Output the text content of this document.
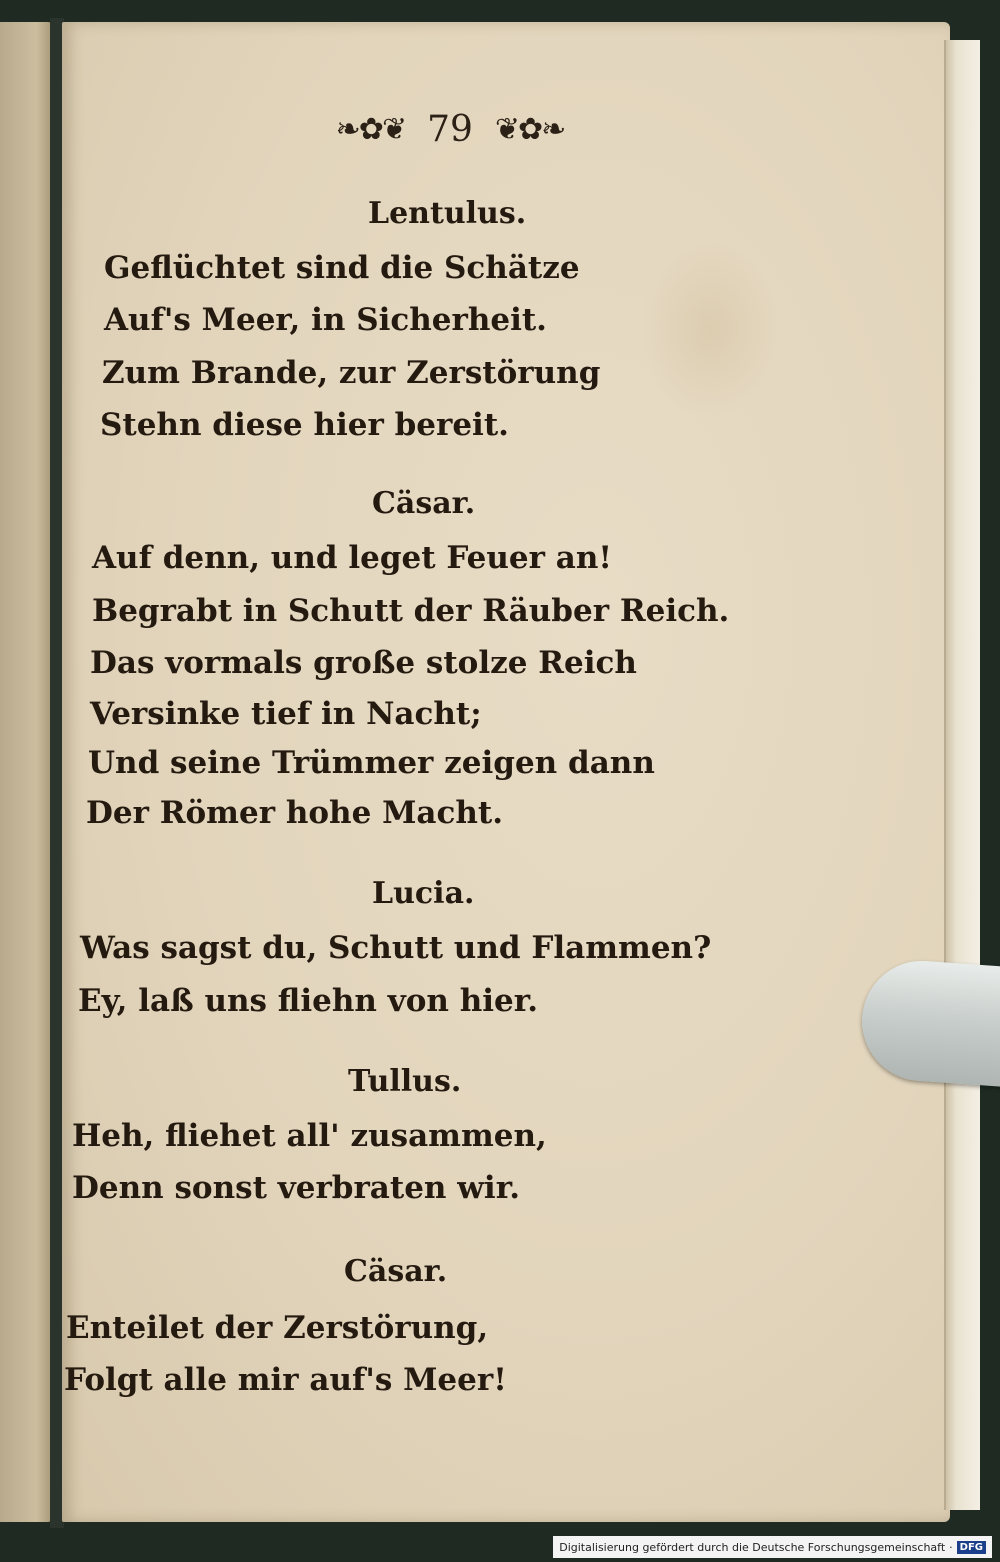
❧✿❦ 79 ❦✿❧
Lentulus.
Geflüchtet sind die Schätze
Auf's Meer, in Sicherheit.
Zum Brande, zur Zerstörung
Stehn diese hier bereit.
Cäsar.
Auf denn, und leget Feuer an!
Begrabt in Schutt der Räuber Reich.
Das vormals große stolze Reich
Versinke tief in Nacht;
Und seine Trümmer zeigen dann
Der Römer hohe Macht.
Lucia.
Was sagst du, Schutt und Flammen?
Ey, laß uns fliehn von hier.
Tullus.
Heh, fliehet all' zusammen,
Denn sonst verbraten wir.
Cäsar.
Enteilet der Zerstörung,
Folgt alle mir auf's Meer!
Digitalisierung gefördert durch die Deutsche Forschungsgemeinschaft · DFG
